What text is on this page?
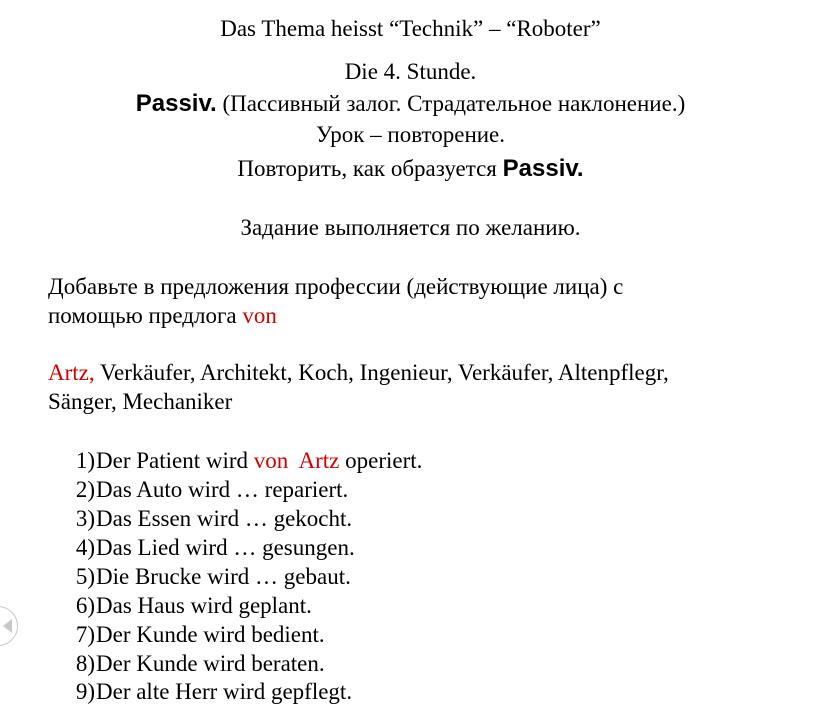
Das Thema heisst “Technik” – “Roboter”
Die 4. Stunde.
Passiv. (Пассивный залог. Страдательное наклонение.)
Урок – повторение.
Повторить, как образуется Passiv.
Задание выполняется по желанию.
Добавьте в предложения профессии (действующие лица) с
помощью предлога von
Artz, Verkäufer, Architekt, Koch, Ingenieur, Verkäufer, Altenpflegr,
Sänger, Mechaniker
1)Der Patient wird von Artz operiert.
2)Das Auto wird … repariert.
3)Das Essen wird … gekocht.
4)Das Lied wird … gesungen.
5)Die Brucke wird … gebaut.
6)Das Haus wird geplant.
7)Der Kunde wird bedient.
8)Der Kunde wird beraten.
9)Der alte Herr wird gepflegt.
